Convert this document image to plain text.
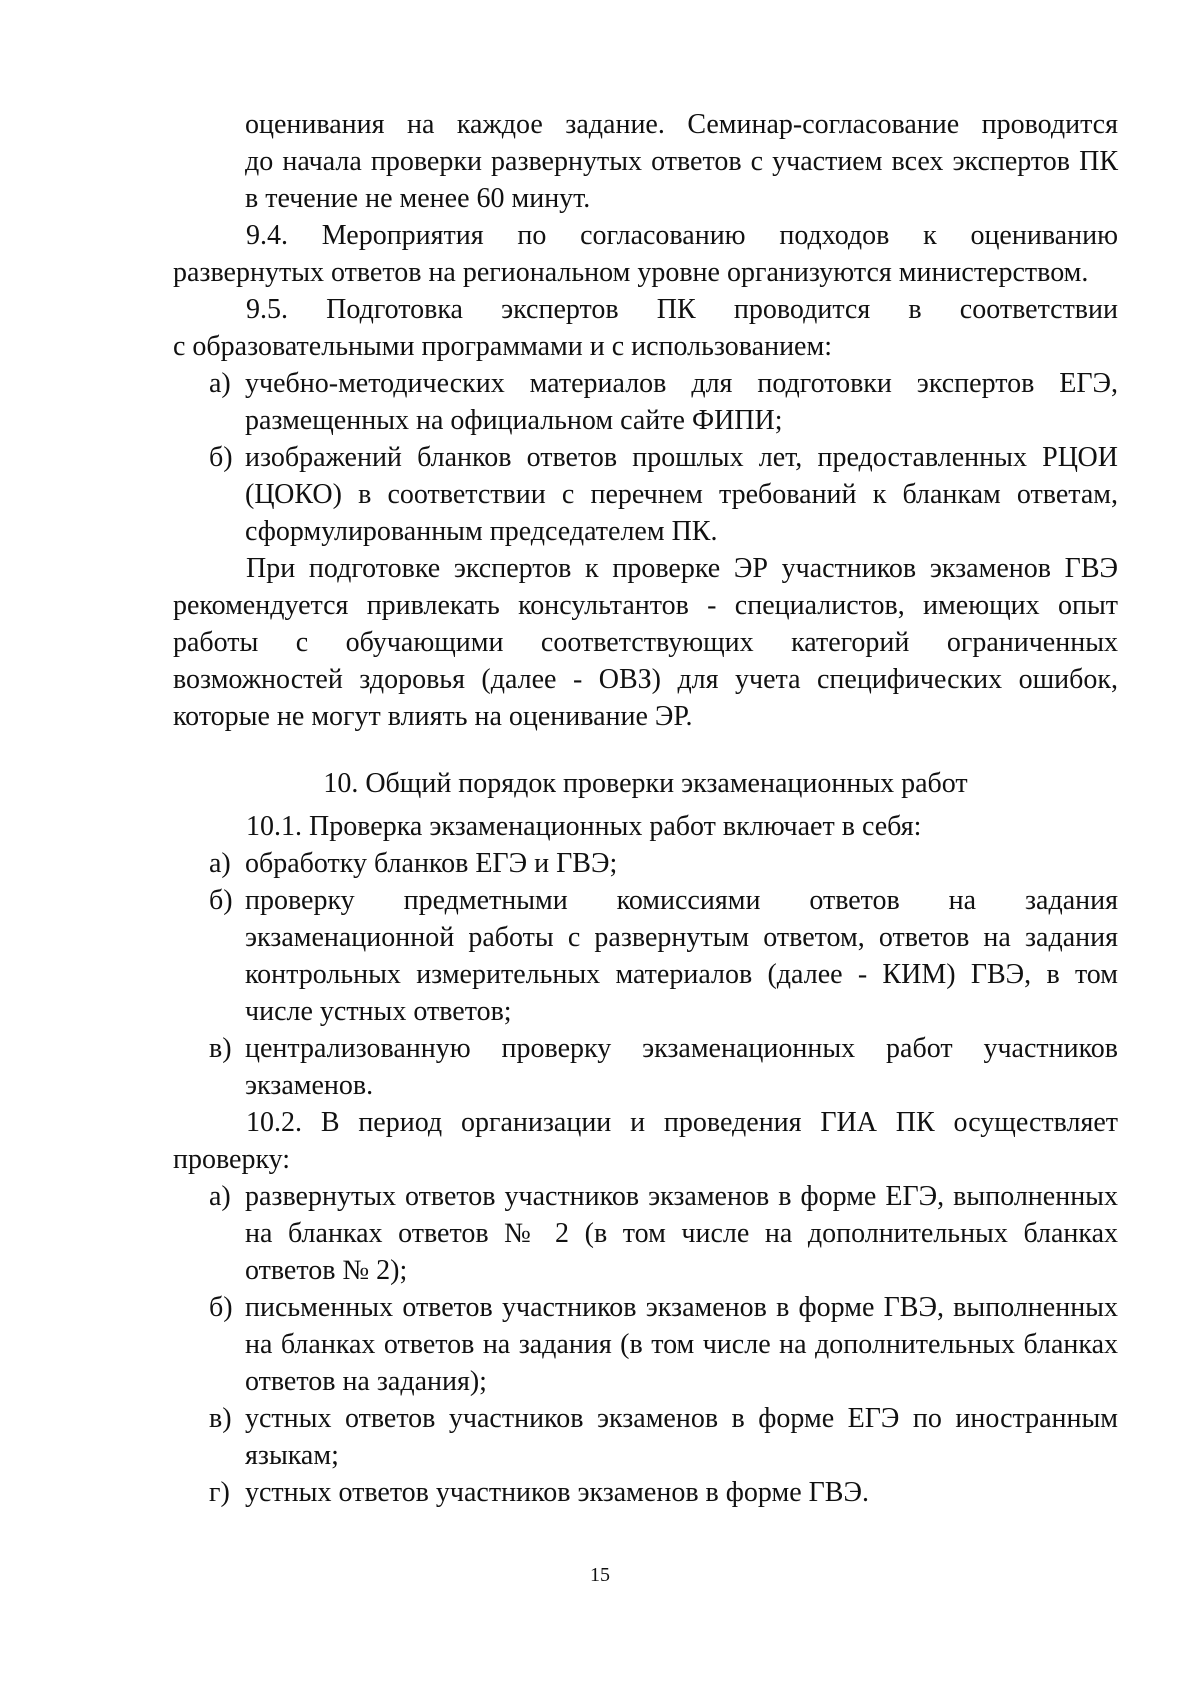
оценивания на каждое задание. Семинар-согласование проводится
до начала проверки развернутых ответов с участием всех экспертов ПК
в течение не менее 60 минут.
9.4. Мероприятия по согласованию подходов к оцениванию
развернутых ответов на региональном уровне организуются министерством.
9.5. Подготовка экспертов ПК проводится в соответствии
с образовательными программами и с использованием:
а) учебно-методических материалов для подготовки экспертов ЕГЭ,
размещенных на официальном сайте ФИПИ;
б) изображений бланков ответов прошлых лет, предоставленных РЦОИ
(ЦОКО) в соответствии с перечнем требований к бланкам ответам,
сформулированным председателем ПК.
При подготовке экспертов к проверке ЭР участников экзаменов ГВЭ
рекомендуется привлекать консультантов - специалистов, имеющих опыт
работы с обучающими соответствующих категорий ограниченных
возможностей здоровья (далее - ОВЗ) для учета специфических ошибок,
которые не могут влиять на оценивание ЭР.
10. Общий порядок проверки экзаменационных работ
10.1. Проверка экзаменационных работ включает в себя:
а) обработку бланков ЕГЭ и ГВЭ;
б) проверку предметными комиссиями ответов на задания
экзаменационной работы с развернутым ответом, ответов на задания
контрольных измерительных материалов (далее - КИМ) ГВЭ, в том
числе устных ответов;
в) централизованную проверку экзаменационных работ участников
экзаменов.
10.2. В период организации и проведения ГИА ПК осуществляет
проверку:
а) развернутых ответов участников экзаменов в форме ЕГЭ, выполненных
на бланках ответов № 2 (в том числе на дополнительных бланках
ответов № 2);
б) письменных ответов участников экзаменов в форме ГВЭ, выполненных
на бланках ответов на задания (в том числе на дополнительных бланках
ответов на задания);
в) устных ответов участников экзаменов в форме ЕГЭ по иностранным
языкам;
г) устных ответов участников экзаменов в форме ГВЭ.
15
